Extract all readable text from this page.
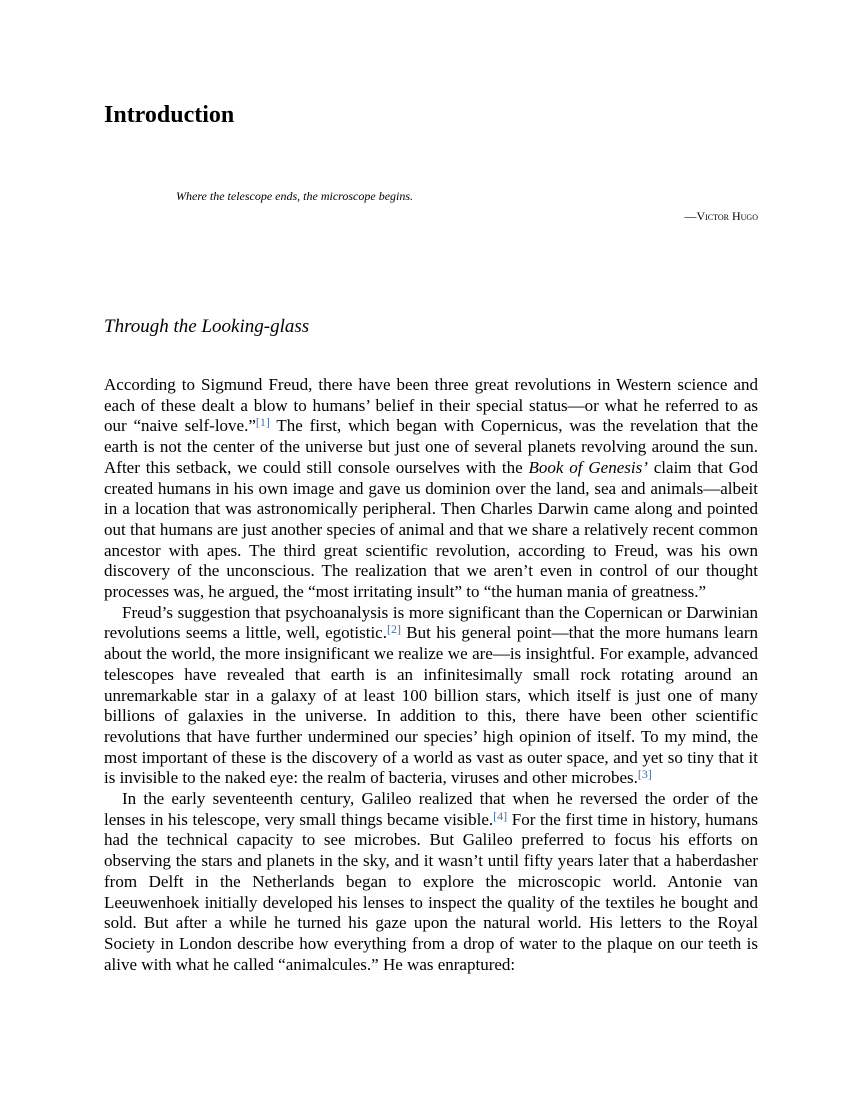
Introduction

Where the telescope ends, the microscope begins.

—Victor Hugo

Through the Looking-glass

According to Sigmund Freud, there have been three great revolutions in Western science and each of these dealt a blow to humans’ belief in their special status—or what he referred to as our “naive self-love.”[1] The first, which began with Copernicus, was the revelation that the earth is not the center of the universe but just one of several planets revolving around the sun. After this setback, we could still console ourselves with the Book of Genesis’ claim that God created humans in his own image and gave us dominion over the land, sea and animals—albeit in a location that was astronomically peripheral. Then Charles Darwin came along and pointed out that humans are just another species of animal and that we share a relatively recent common ancestor with apes. The third great scientific revolution, according to Freud, was his own discovery of the unconscious. The realization that we aren’t even in control of our thought processes was, he argued, the “most irritating insult” to “the human mania of greatness.”

Freud’s suggestion that psychoanalysis is more significant than the Copernican or Darwinian revolutions seems a little, well, egotistic.[2] But his general point—that the more humans learn about the world, the more insignificant we realize we are—is insightful. For example, advanced telescopes have revealed that earth is an infinitesimally small rock rotating around an unremarkable star in a galaxy of at least 100 billion stars, which itself is just one of many billions of galaxies in the universe. In addition to this, there have been other scientific revolutions that have further undermined our species’ high opinion of itself. To my mind, the most important of these is the discovery of a world as vast as outer space, and yet so tiny that it is invisible to the naked eye: the realm of bacteria, viruses and other microbes.[3]

In the early seventeenth century, Galileo realized that when he reversed the order of the lenses in his telescope, very small things became visible.[4] For the first time in history, humans had the technical capacity to see microbes. But Galileo preferred to focus his efforts on observing the stars and planets in the sky, and it wasn’t until fifty years later that a haberdasher from Delft in the Netherlands began to explore the microscopic world. Antonie van Leeuwenhoek initially developed his lenses to inspect the quality of the textiles he bought and sold. But after a while he turned his gaze upon the natural world. His letters to the Royal Society in London describe how everything from a drop of water to the plaque on our teeth is alive with what he called “animalcules.” He was enraptured:
